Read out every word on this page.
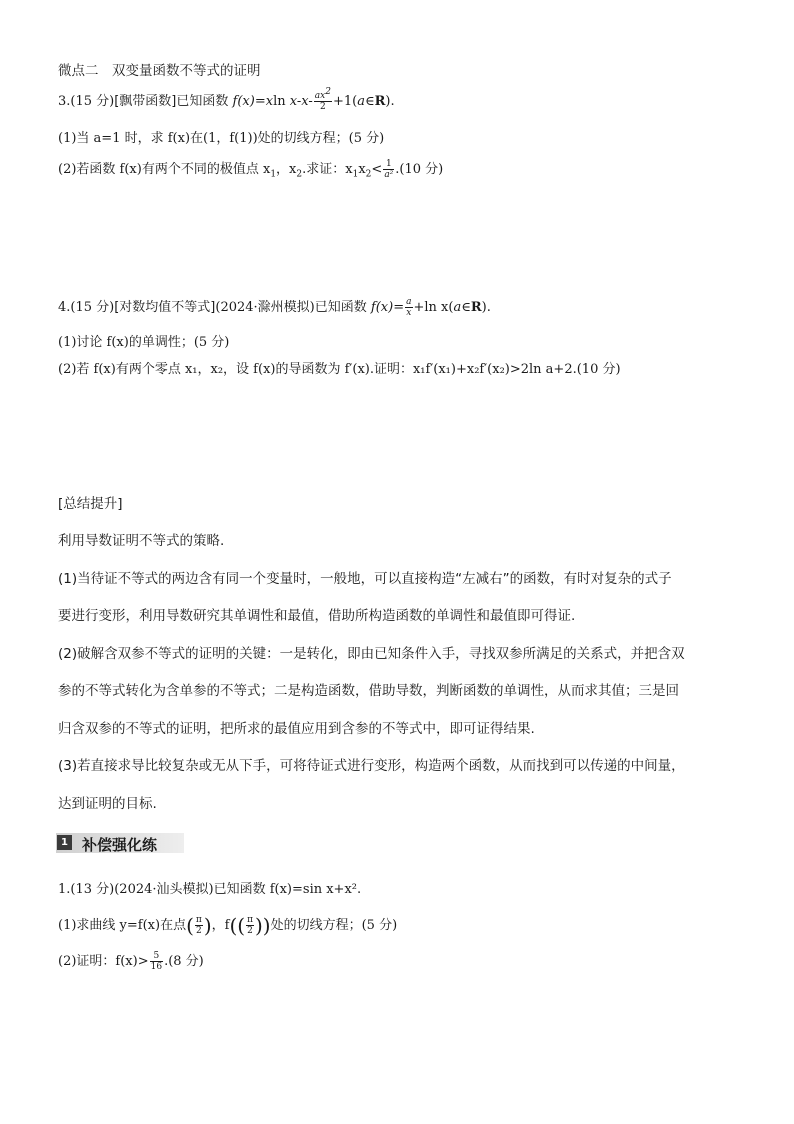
微点二　双变量函数不等式的证明
3.(15 分)[飘带函数]已知函数 f(x)=xln $x-x- \frac{ax^2}{2}$ +1(a∈R).
(1)当 a=1 时，求 f(x)在(1，f(1))处的切线方程；(5 分)
(2)若函数 f(x)有两个不同的极值点 $x_1$，$x_2$.求证：$x_1x_2< \frac{1}{\text{a²}} .(10$ 分)
4.(15 分)[对数均值不等式](2024·滁州模拟)已知函数 $f(x)= \frac{a}{x} +\ln$ x(a∈R).
(1)讨论 f(x)的单调性；(5 分)
(2)若 f(x)有两个零点 x₁，x₂，设 f(x)的导函数为 f′(x).证明：x₁f′(x₁)+x₂f′(x₂)>2ln a+2.(10 分)
[总结提升]
利用导数证明不等式的策略.
(1)当待证不等式的两边含有同一个变量时，一般地，可以直接构造“左减右”的函数，有时对复杂的式子
要进行变形，利用导数研究其单调性和最值，借助所构造函数的单调性和最值即可得证.
(2)破解含双参不等式的证明的关键：一是转化，即由已知条件入手，寻找双参所满足的关系式，并把含双
参的不等式转化为含单参的不等式；二是构造函数，借助导数，判断函数的单调性，从而求其值；三是回
归含双参的不等式的证明，把所求的最值应用到含参的不等式中，即可证得结果.
(3)若直接求导比较复杂或无从下手，可将待证式进行变形，构造两个函数，从而找到可以传递的中间量，
达到证明的目标.
1 补偿强化练
1.(13 分)(2024·汕头模拟)已知函数 f(x)=sin x+x².
(1)求曲线 y=f(x)在点( $\frac{\pi}{2}$ )，$f(( \frac{\pi}{2}$ ))处的切线方程；(5 分)
(2)证明：$f(x)> \frac{5}{16} .(8$ 分)
